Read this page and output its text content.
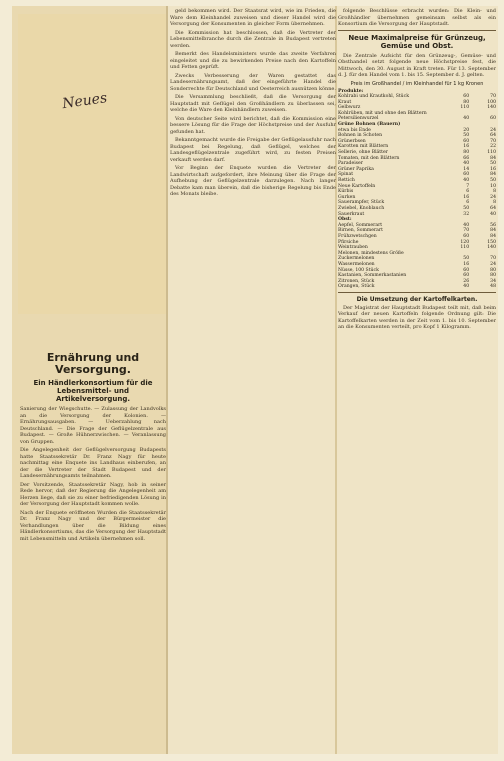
Neues
Ernährung und Versorgung.
Ein Händlerkonsortium für die Lebensmittel- und Artikelversorgung.

Sanierung der Wiegschutte. — Zulassung der Landvolks an die Versorgung der Kolonien. — Ernährungsausgaben. — Ueberzahlung nach Deutschland. — Die Frage der Geflügelzentrale aus Budapest. — Große Hühnerzwischen. — Veranlassung von Gruppen.

Die Angelegenheit der Geflügelversorgung Budapests hatte Staatssekretär Dr. Franz Nagy für heute nachmittag eine Enquete ins Landhaus einberufen, an der die Vertreter der Stadt Budapest und der Landesernährungsamts teilnahmen.

Der Vorsitzende, Staatssekretär Nagy, hob in seiner Rede hervor, daß der Regierung die Angelegenheit am Herzen liege, daß sie zu einer befriedigenden Lösung in der Versorgung der Hauptstadt kommen wolle.

Nach der Enquete eröffneten Wurden die Staatssekretär Dr. Franz Nagy und der Bürgermeister die Verhandlungen über die Bildung eines Händlerkonsortiums, das die Versorgung der Hauptstadt mit Lebensmitteln und Artikeln übernehmen soll.

geld bekommen wird. Der Staatsrat wird, wie im Frieden, die Ware dem Kleinhandel zuweisen und dieser Handel wird die Versorgung der Konsumenten in gleicher Form übernehmen.

Die Kommission hat beschlossen, daß die Vertreter der Lebensmittelbranche durch die Zentrale in Budapest vertreten werden.

Bemerkt des Handelsministers wurde das zweite Verfahren eingeleitet und die zu bewirkenden Preise nach den Kartoffeln und Fetten geprüft.

Zwecks Verbesserung der Waren gestattet das Landesernährungsamt, daß der eingeführte Handel die Sonderrechte für Deutschland und Oesterreich ausnützen könne.

Die Versammlung beschließt, daß die Versorgung der Hauptstadt mit Geflügel den Großhändlern zu überlassen sei, welche die Ware den Kleinhändlern zuweisen.

Von deutscher Seite wird berichtet, daß die Kommission eine bessere Lösung für die Frage der Höchstpreise und der Ausfuhr gefunden hat.

Bekanntgemacht wurde die Freigabe der Geflügelausfuhr nach Budapest bei Regelung, daß Geflügel, welches der Landesgeflügelzentrale zugeführt wird, zu festen Preisen verkauft werden darf.

Vor Beginn der Enquete wurden die Vertreter der Landwirtschaft aufgefordert, ihre Meinung über die Frage der Aufhebung der Geflügelzentrale darzulegen. Nach langer Debatte kam man überein, daß die bisherige Regelung bis Ende des Monats bleibe.

folgende Beschlüsse erbracht wurden: Die Klein- und Großhändler übernehmen gemeinsam selbst als ein Konsortium die Versorgung der Hauptstadt.

Neue Maximalpreise für Grünzeug, Gemüse und Obst.

Die Zentrale Aufsicht für den Grünzeug-, Gemüse- und Obsthandel setzt folgende neue Höchstpreise fest, die Mittwoch, den 30. August in Kraft treten. Für 13. September d. J. für den Handel vom 1. bis 15. September d. J. gelten.

Preis im Großhandel / im Kleinhandel für 1 kg Kronen
Produkte:		
Kohlrabi und Krautkohl, Stück	60	70
Kraut	80	100
Gelbwurz	110	140
Kohlrüben, mit und ohne den Blättern		
Petersilienwurzel	40	60
Grüne Bohnen (Bauern)		
etwa bis Ende	20	24
Bohnen in Schoten	50	64
Grünerbsen	60	70
Karotten mit Blättern	16	22
Sellerie, ohne Blätter	80	110
Tomaten, mit den Blättern	66	84
Paradeiser	40	50
Grüner Paprika	14	16
Spinat	60	84
Rettich	40	50
Neue Kartoffeln	7	10
Kürbis	6	8
Gurken	16	24
Sauerampfer, Stück	6	8
Zwiebel, Knoblauch	50	64
Sauerkraut	32	40
Obst:		
Aepfel, Sommerart	40	56
Birnen, Sommerart	70	84
Frühzwetschgen	60	84
Pfirsiche	120	150
Weintrauben	110	140
Melonen, mindestens Größe		
Zuckermelonen	50	70
Wassermelonen	16	24
Nüsse, 100 Stück	60	80
Kastanien, Sommerkastanien	60	80
Zitronen, Stück	26	34
Orangen, Stück	40	48
Die Umsetzung der Kartoffelkarten.

Der Magistrat der Hauptstadt Budapest teilt mit, daß beim Verkauf der neuen Kartoffeln folgende Ordnung gilt: Die Kartoffelkarten werden in der Zeit vom 1. bis 10. September an die Konsumenten verteilt, pro Kopf 1 Kilogramm.
